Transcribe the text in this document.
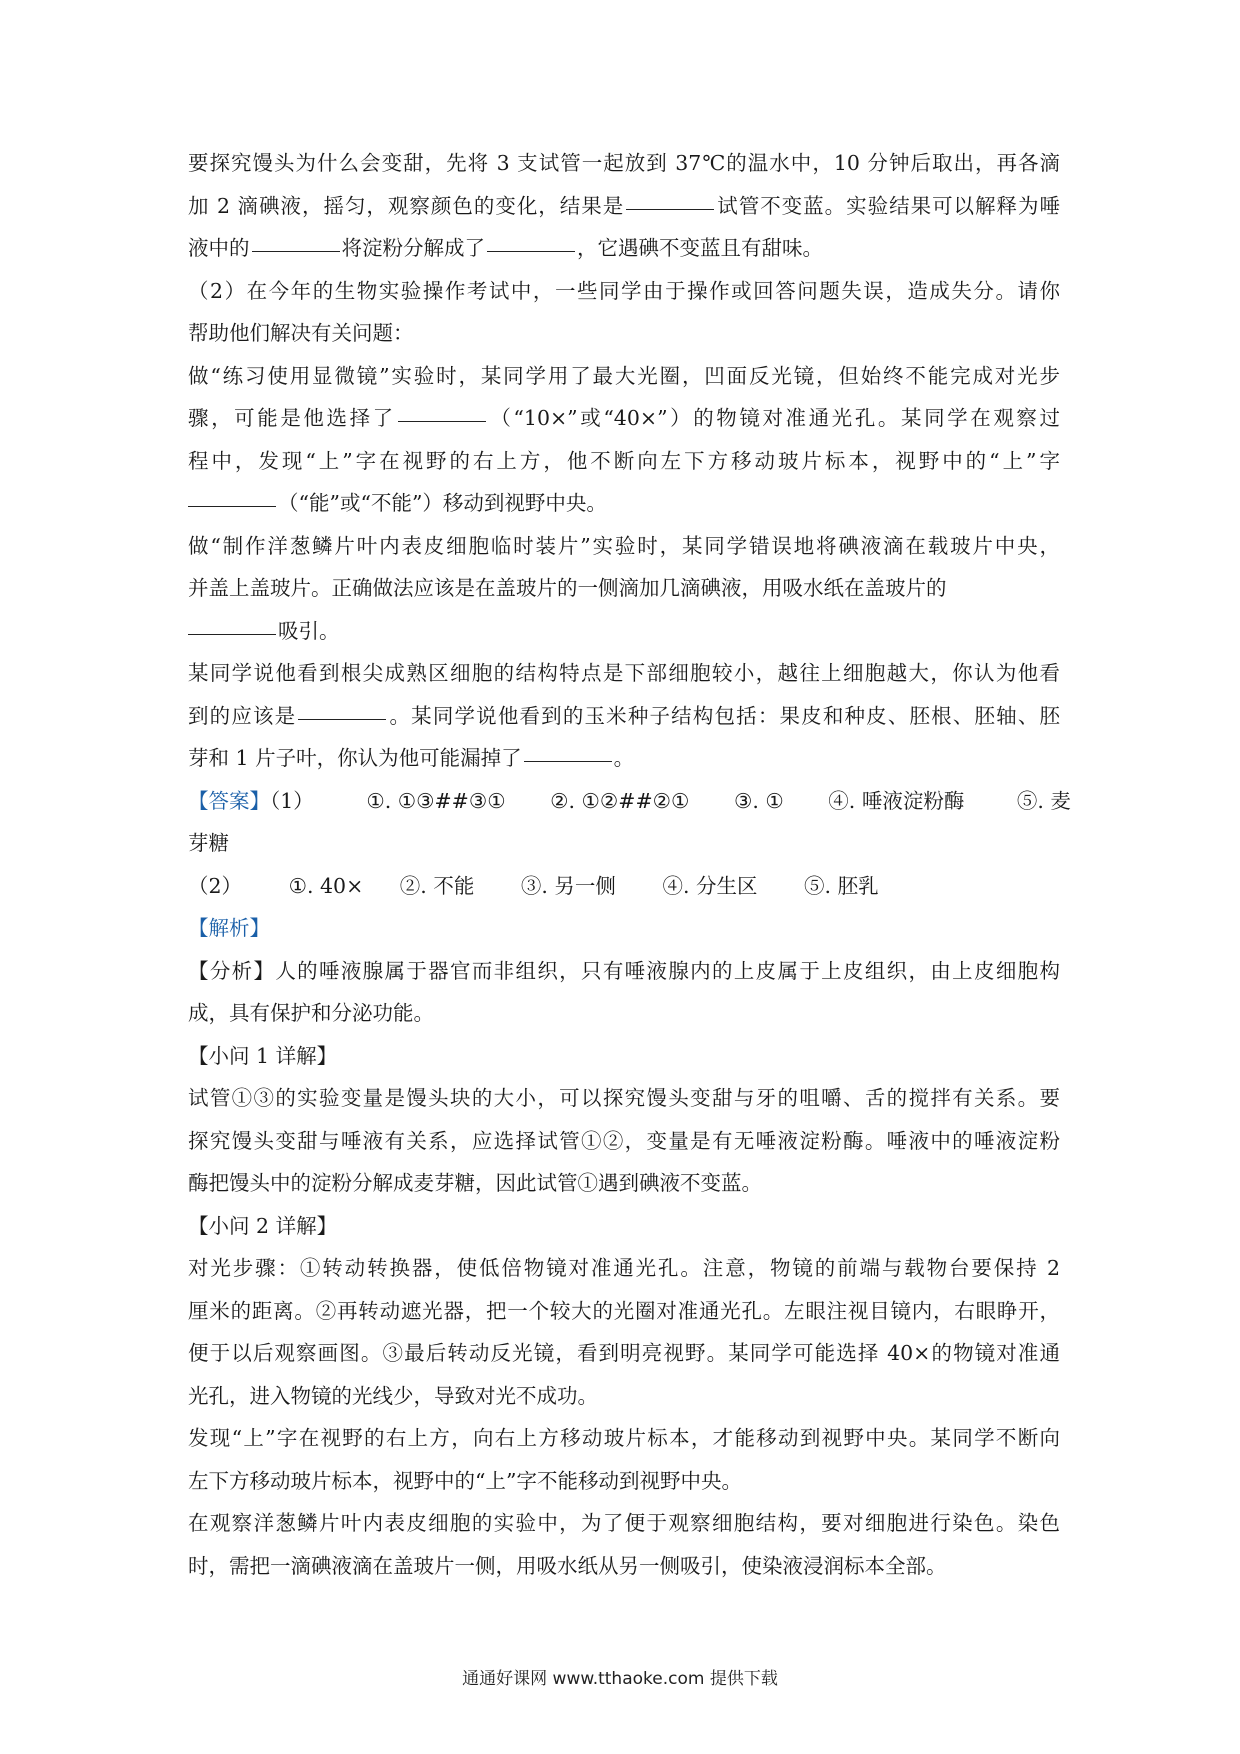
要探究馒头为什么会变甜，先将 3 支试管一起放到 37℃的温水中，10 分钟后取出，再各滴
加 2 滴碘液，摇匀，观察颜色的变化，结果是	试管不变蓝。实验结果可以解释为唾
液中的	将淀粉分解成了	，它遇碘不变蓝且有甜味。
（2）在今年的生物实验操作考试中，一些同学由于操作或回答问题失误，造成失分。请你
帮助他们解决有关问题：
做“练习使用显微镜”实验时，某同学用了最大光圈，凹面反光镜，但始终不能完成对光步
骤，可能是他选择了	（“10×”或“40×”）的物镜对准通光孔。某同学在观察过
程中，发现“上”字在视野的右上方，他不断向左下方移动玻片标本，视野中的“上”字
（“能”或“不能”）移动到视野中央。
做“制作洋葱鳞片叶内表皮细胞临时装片”实验时，某同学错误地将碘液滴在载玻片中央，
并盖上盖玻片。正确做法应该是在盖玻片的一侧滴加几滴碘液，用吸水纸在盖玻片的
吸引。
某同学说他看到根尖成熟区细胞的结构特点是下部细胞较小，越往上细胞越大，你认为他看
到的应该是	。某同学说他看到的玉米种子结构包括：果皮和种皮、胚根、胚轴、胚
芽和 1 片子叶，你认为他可能漏掉了	。
【答案】（1）	①. ①③##③① ②. ①②##②① ③. ① ④. 唾液淀粉酶	⑤. 麦
芽糖
（2） ①. 40× ②. 不能 ③. 另一侧 ④. 分生区 ⑤. 胚乳
【解析】
【分析】人的唾液腺属于器官而非组织，只有唾液腺内的上皮属于上皮组织，由上皮细胞构
成，具有保护和分泌功能。
【小问 1 详解】
试管①③的实验变量是馒头块的大小，可以探究馒头变甜与牙的咀嚼、舌的搅拌有关系。要
探究馒头变甜与唾液有关系，应选择试管①②，变量是有无唾液淀粉酶。唾液中的唾液淀粉
酶把馒头中的淀粉分解成麦芽糖，因此试管①遇到碘液不变蓝。
【小问 2 详解】
对光步骤：①转动转换器，使低倍物镜对准通光孔。注意，物镜的前端与载物台要保持 2
厘米的距离。②再转动遮光器，把一个较大的光圈对准通光孔。左眼注视目镜内，右眼睁开，
便于以后观察画图。③最后转动反光镜，看到明亮视野。某同学可能选择 40×的物镜对准通
光孔，进入物镜的光线少，导致对光不成功。
发现“上”字在视野的右上方，向右上方移动玻片标本，才能移动到视野中央。某同学不断向
左下方移动玻片标本，视野中的“上”字不能移动到视野中央。
在观察洋葱鳞片叶内表皮细胞的实验中，为了便于观察细胞结构，要对细胞进行染色。染色
时，需把一滴碘液滴在盖玻片一侧，用吸水纸从另一侧吸引，使染液浸润标本全部。
通通好课网 www.tthaoke.com 提供下载
